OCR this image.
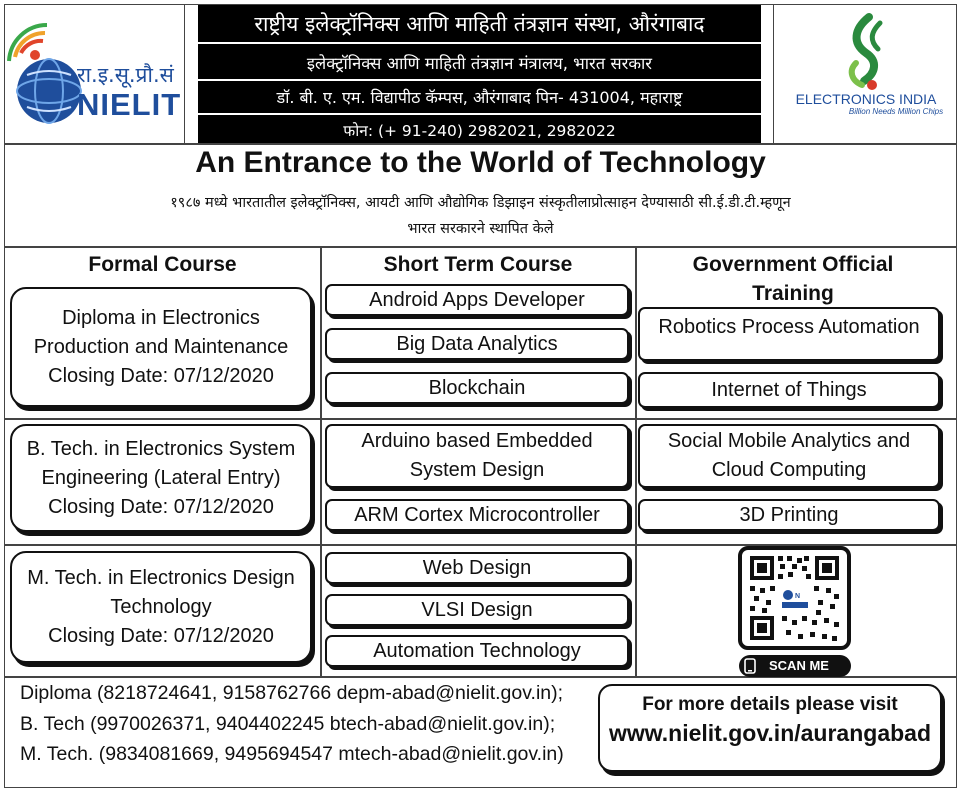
रा.इ.सू.प्रौ.सं
NIELIT
राष्ट्रीय इलेक्ट्रॉनिक्स आणि माहिती तंत्रज्ञान संस्था, औरंगाबाद
इलेक्ट्रॉनिक्स आणि माहिती तंत्रज्ञान मंत्रालय, भारत सरकार
डॉ. बी. ए. एम. विद्यापीठ कॅम्पस, औरंगाबाद पिन- 431004, महाराष्ट्र
फोन: (+ 91-240) 2982021, 2982022
ELECTRONICS INDIA
Billion Needs Million Chips
An Entrance to the World of Technology
१९८७ मध्ये भारतातील इलेक्ट्रॉनिक्स, आयटी आणि औद्योगिक डिझाइन संस्कृतीलाप्रोत्साहन देण्यासाठी सी.ई.डी.टी.म्हणून
भारत सरकारने स्थापित केले
Formal Course	Short Term Course	Government Official
Training
Diploma in Electronics
Production and Maintenance
Closing Date: 07/12/2020
B. Tech. in Electronics System
Engineering (Lateral Entry)
Closing Date: 07/12/2020
M. Tech. in Electronics Design
Technology
Closing Date: 07/12/2020
Android Apps Developer
Big Data Analytics
Blockchain
Arduino based Embedded
System Design
ARM Cortex Microcontroller
Web Design
VLSI Design
Automation Technology
Robotics Process Automation
Internet of Things
Social Mobile Analytics and
Cloud Computing
3D Printing
N
SCAN ME
Diploma (8218724641, 9158762766 depm-abad@nielit.gov.in);
B. Tech (9970026371, 9404402245 btech-abad@nielit.gov.in);
M. Tech. (9834081669, 9495694547 mtech-abad@nielit.gov.in)
For more details please visit
www.nielit.gov.in/aurangabad
